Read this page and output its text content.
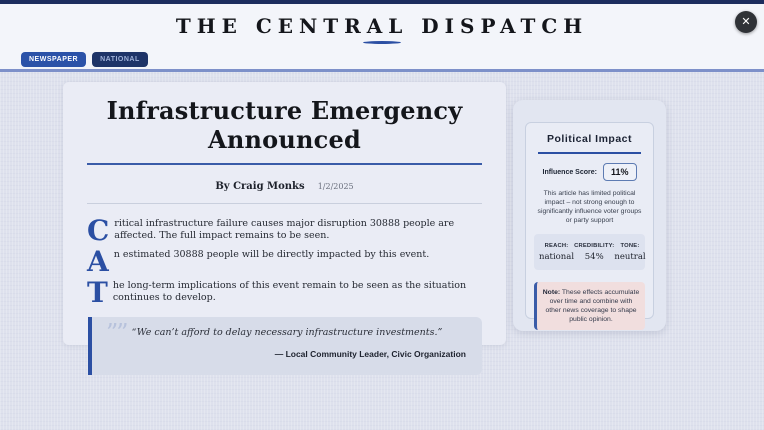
THE CENTRAL DISPATCH
NEWSPAPER	NATIONAL
✕
Infrastructure Emergency Announced
By Craig Monks 1/2/2025
Critical infrastructure failure causes major disruption 30888 people are affected. The full impact remains to be seen.
An estimated 30888 people will be directly impacted by this event.
The long-term implications of this event remain to be seen as the situation continues to develop.
”” “We can’t afford to delay necessary infrastructure investments.”
— Local Community Leader, Civic Organization
Political Impact
Influence Score:	11%
This article has limited political impact – not strong enough to significantly influence voter groups or party support
REACH:
national
CREDIBILITY:
54%
TONE:
neutral
Note: These effects accumulate over time and combine with other news coverage to shape public opinion.
